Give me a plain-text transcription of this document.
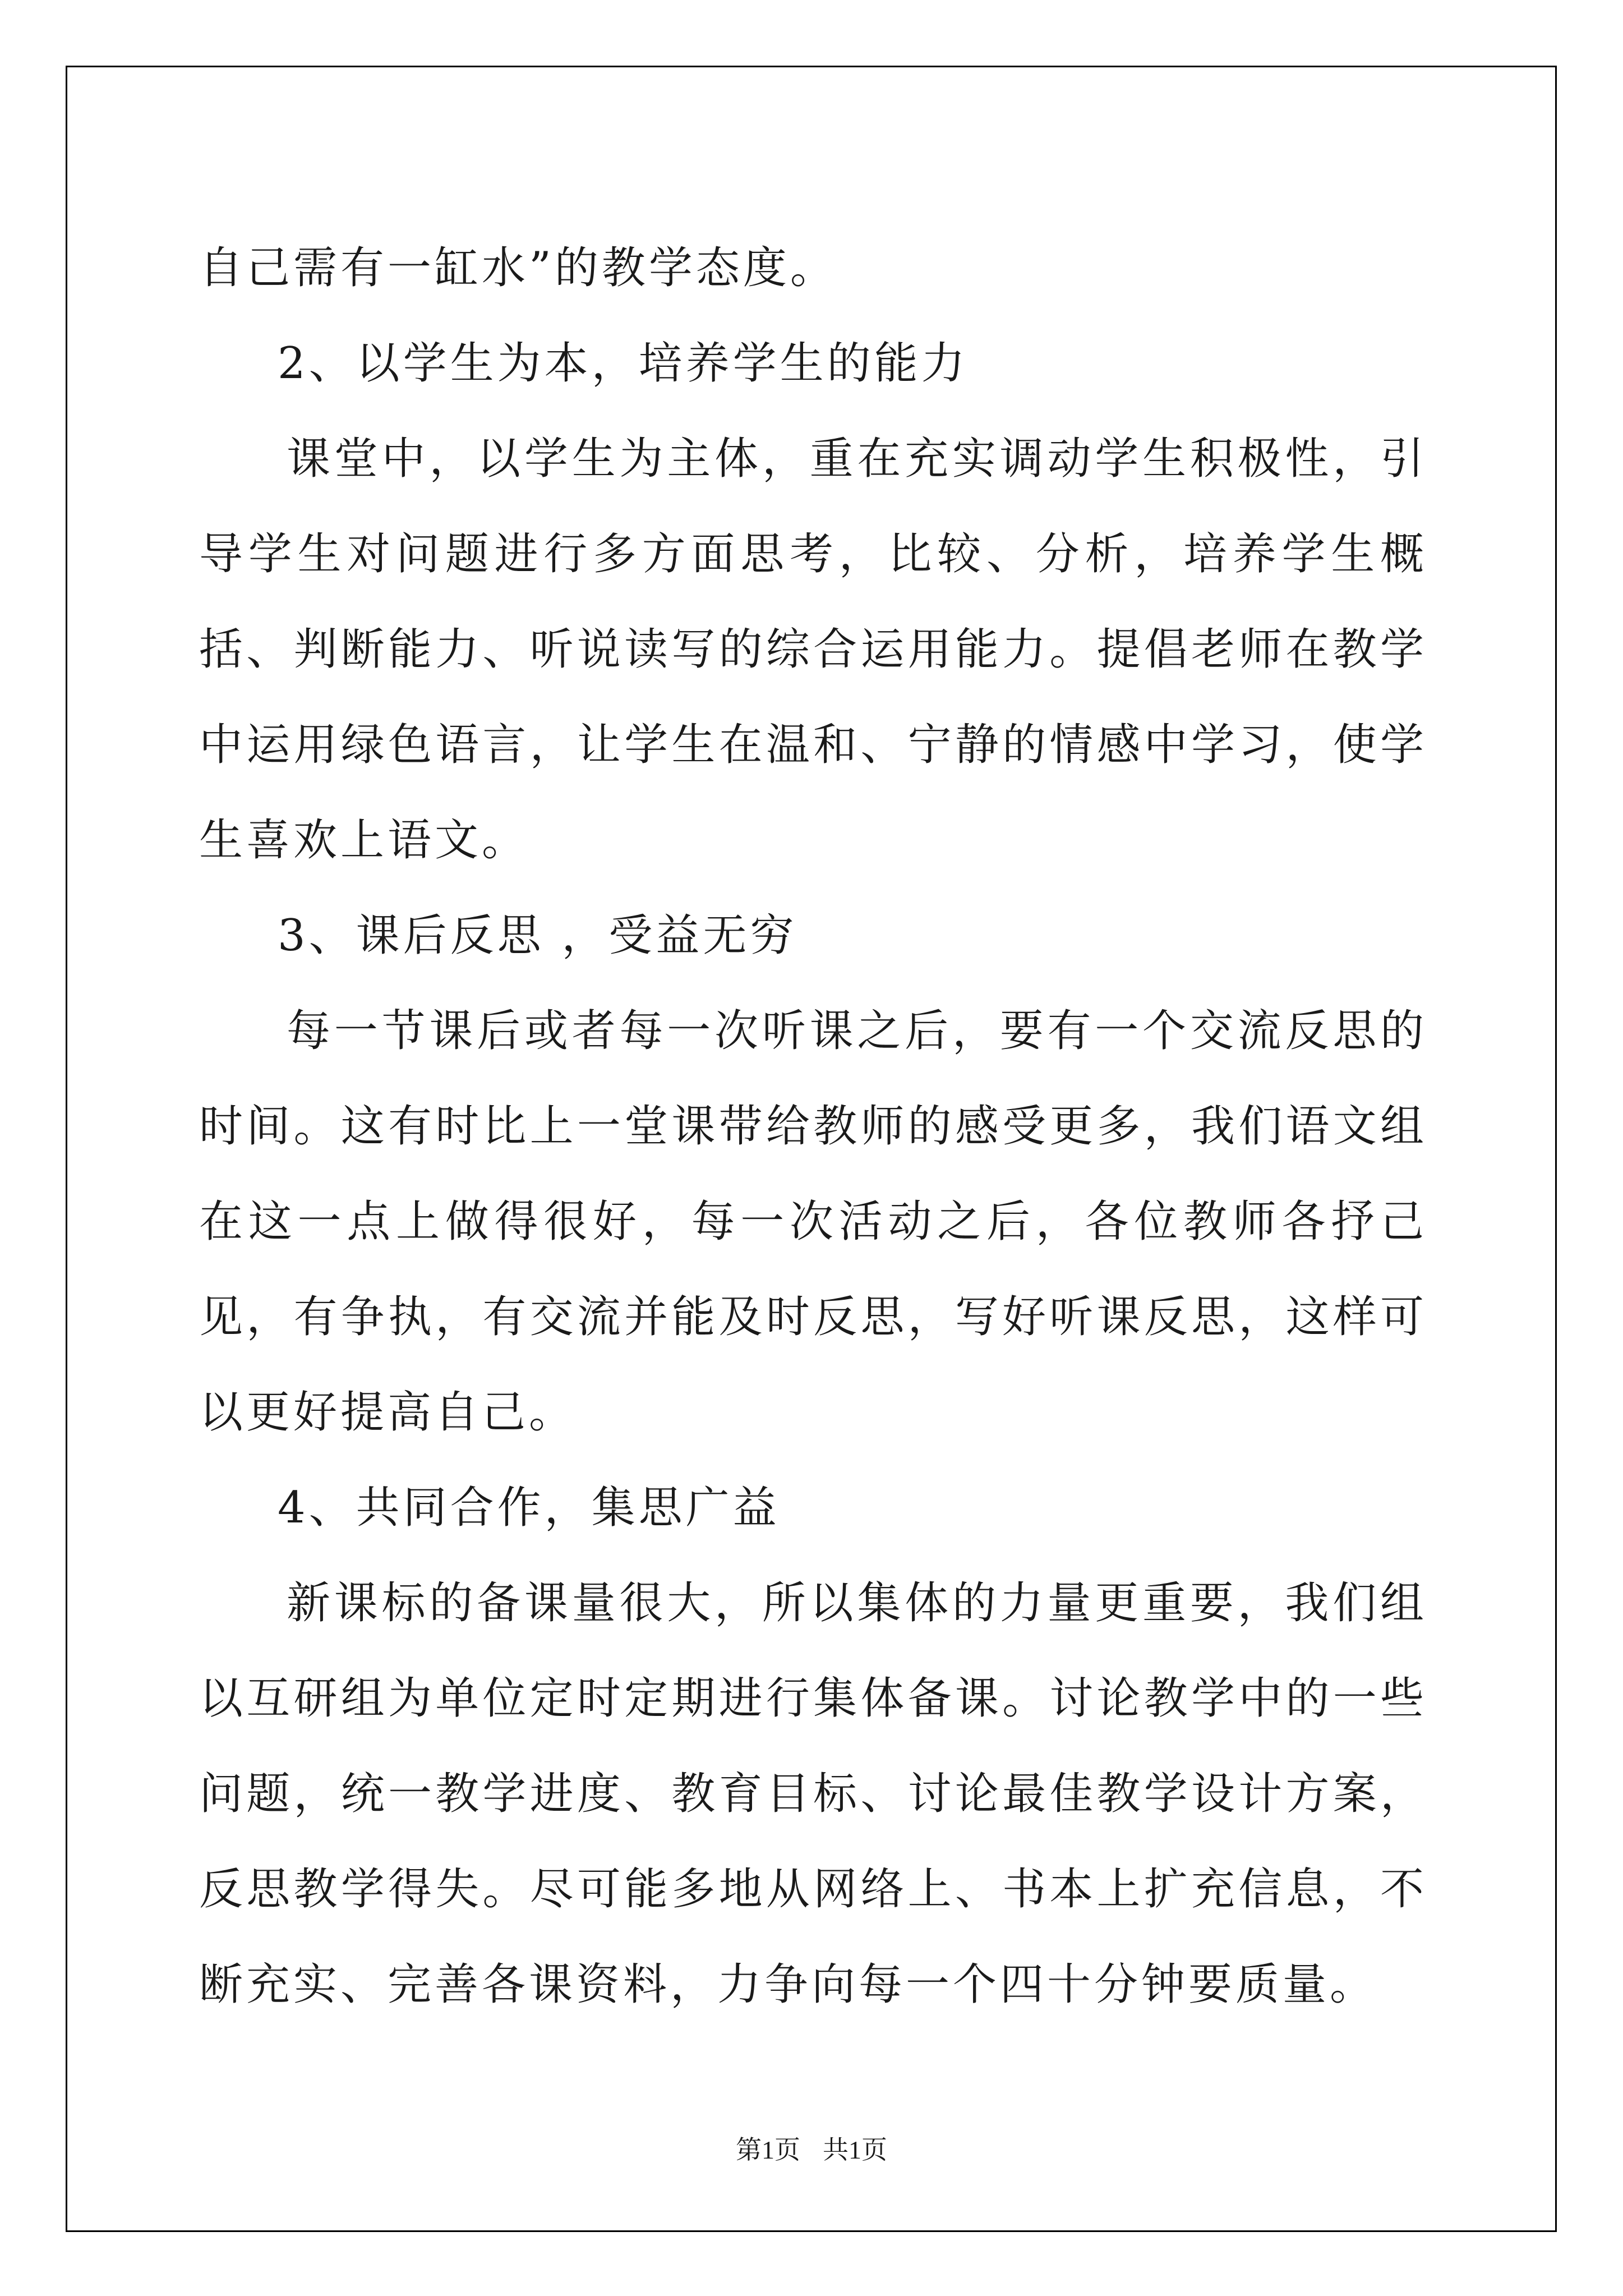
自己需有一缸水”的教学态度。

2、以学生为本，培养学生的能力

课堂中，以学生为主体，重在充实调动学生积极性，引导学生对问题进行多方面思考，比较、分析，培养学生概括、判断能力、听说读写的综合运用能力。提倡老师在教学中运用绿色语言，让学生在温和、宁静的情感中学习，使学生喜欢上语文。

3、课后反思 ，受益无穷

每一节课后或者每一次听课之后，要有一个交流反思的时间。这有时比上一堂课带给教师的感受更多，我们语文组在这一点上做得很好，每一次活动之后，各位教师各抒己见，有争执，有交流并能及时反思，写好听课反思，这样可以更好提高自己。

4、共同合作，集思广益

新课标的备课量很大，所以集体的力量更重要，我们组以互研组为单位定时定期进行集体备课。讨论教学中的一些问题，统一教学进度、教育目标、讨论最佳教学设计方案，反思教学得失。尽可能多地从网络上、书本上扩充信息，不断充实、完善各课资料，力争向每一个四十分钟要质量。

第1页 共1页
